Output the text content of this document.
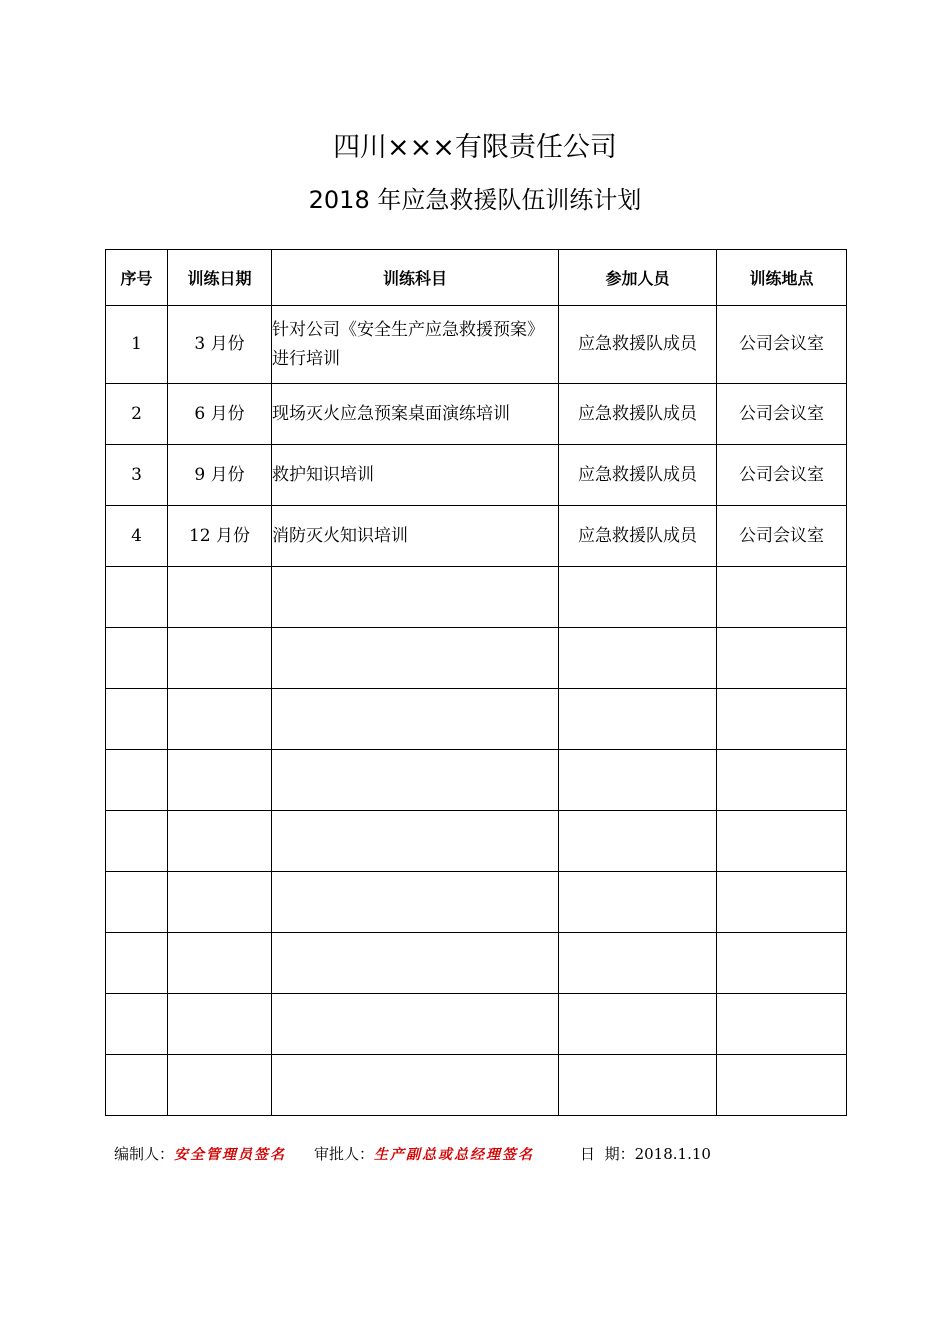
四川×××有限责任公司
2018 年应急救援队伍训练计划
序号	训练日期	训练科目	参加人员	训练地点
1	3 月份	针对公司《安全生产应急救援预案》进行培训	应急救援队成员	公司会议室
2	6 月份	现场灭火应急预案桌面演练培训	应急救援队成员	公司会议室
3	9 月份	救护知识培训	应急救援队成员	公司会议室
4	12 月份	消防灭火知识培训	应急救援队成员	公司会议室

编制人：安全管理员签名 审批人：生产副总或总经理签名	日  期：2018.1.10
